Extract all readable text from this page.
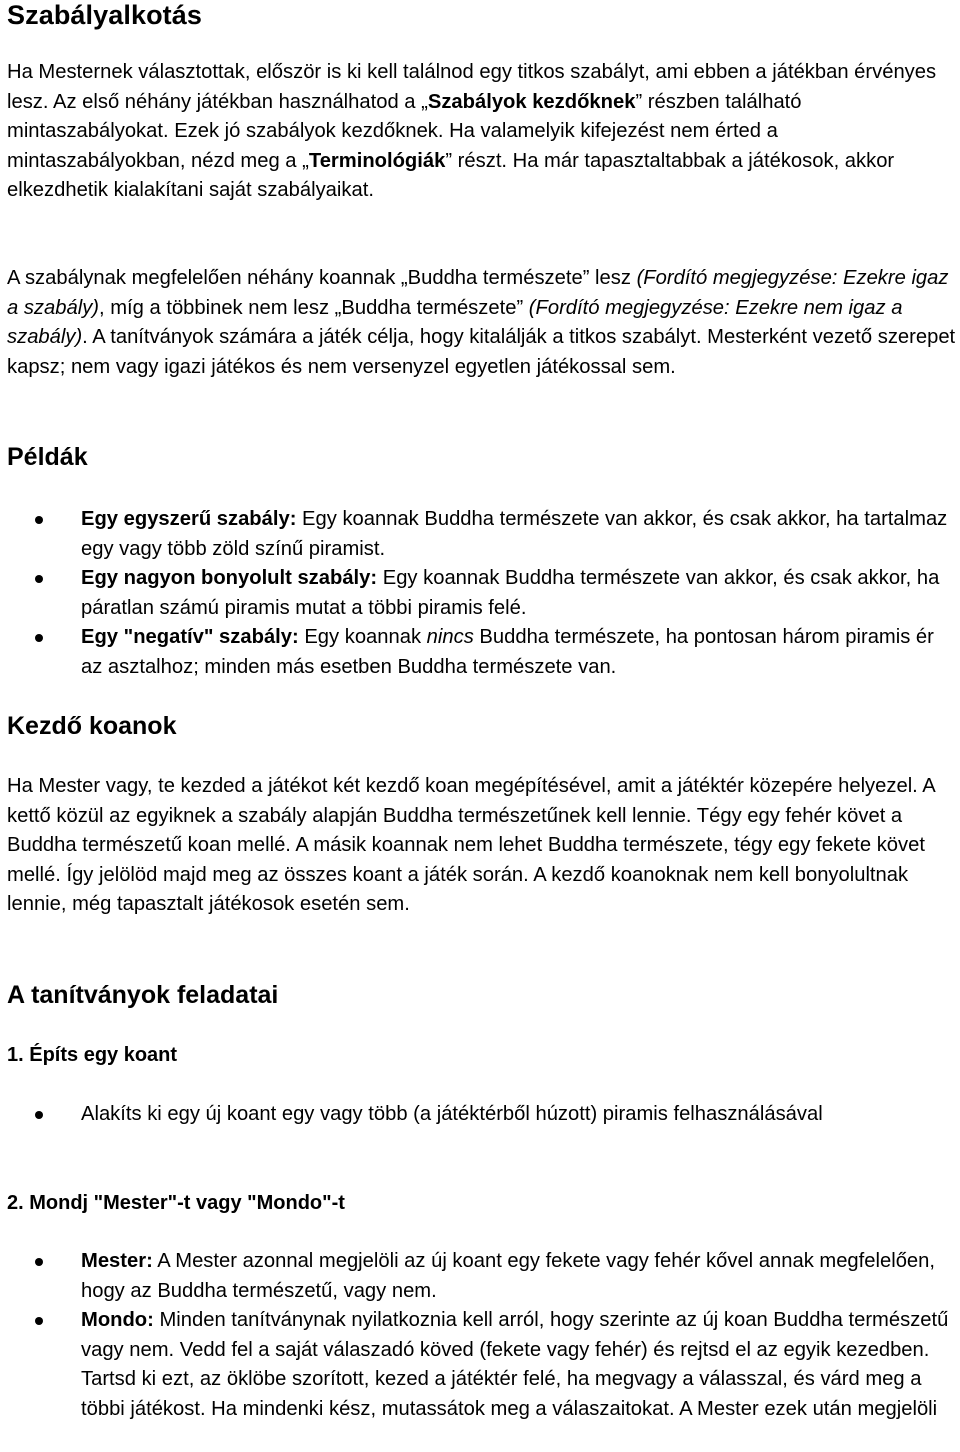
Szabályalkotás

Ha Mesternek választottak, először is ki kell találnod egy titkos szabályt, ami ebben a játékban érvényes lesz. Az első néhány játékban használhatod a „Szabályok kezdőknek” részben található mintaszabályokat. Ezek jó szabályok kezdőknek. Ha valamelyik kifejezést nem érted a mintaszabályokban, nézd meg a „Terminológiák” részt. Ha már tapasztaltabbak a játékosok, akkor elkezdhetik kialakítani saját szabályaikat.

A szabálynak megfelelően néhány koannak „Buddha természete” lesz (Fordító megjegyzése: Ezekre igaz a szabály), míg a többinek nem lesz „Buddha természete” (Fordító megjegyzése: Ezekre nem igaz a szabály). A tanítványok számára a játék célja, hogy kitalálják a titkos szabályt. Mesterként vezető szerepet kapsz; nem vagy igazi játékos és nem versenyzel egyetlen játékossal sem.

Példák
Egy egyszerű szabály: Egy koannak Buddha természete van akkor, és csak akkor, ha tartalmaz egy vagy több zöld színű piramist.
Egy nagyon bonyolult szabály: Egy koannak Buddha természete van akkor, és csak akkor, ha páratlan számú piramis mutat a többi piramis felé.
Egy "negatív" szabály: Egy koannak nincs Buddha természete, ha pontosan három piramis ér az asztalhoz; minden más esetben Buddha természete van.
Kezdő koanok

Ha Mester vagy, te kezded a játékot két kezdő koan megépítésével, amit a játéktér közepére helyezel. A kettő közül az egyiknek a szabály alapján Buddha természetűnek kell lennie. Tégy egy fehér követ a Buddha természetű koan mellé. A másik koannak nem lehet Buddha természete, tégy egy fekete követ mellé. Így jelölöd majd meg az összes koant a játék során. A kezdő koanoknak nem kell bonyolultnak lennie, még tapasztalt játékosok esetén sem.

A tanítványok feladatai
1. Építs egy koant
Alakíts ki egy új koant egy vagy több (a játéktérből húzott) piramis felhasználásával
2. Mondj "Mester"-t vagy "Mondo"-t
Mester: A Mester azonnal megjelöli az új koant egy fekete vagy fehér kővel annak megfelelően, hogy az Buddha természetű, vagy nem.
Mondo: Minden tanítványnak nyilatkoznia kell arról, hogy szerinte az új koan Buddha természetű vagy nem. Vedd fel a saját válaszadó köved (fekete vagy fehér) és rejtsd el az egyik kezedben. Tartsd ki ezt, az öklöbe szorított, kezed a játéktér felé, ha megvagy a válasszal, és várd meg a többi játékost. Ha mindenki kész, mutassátok meg a válaszaitokat. A Mester ezek után megjelöli
